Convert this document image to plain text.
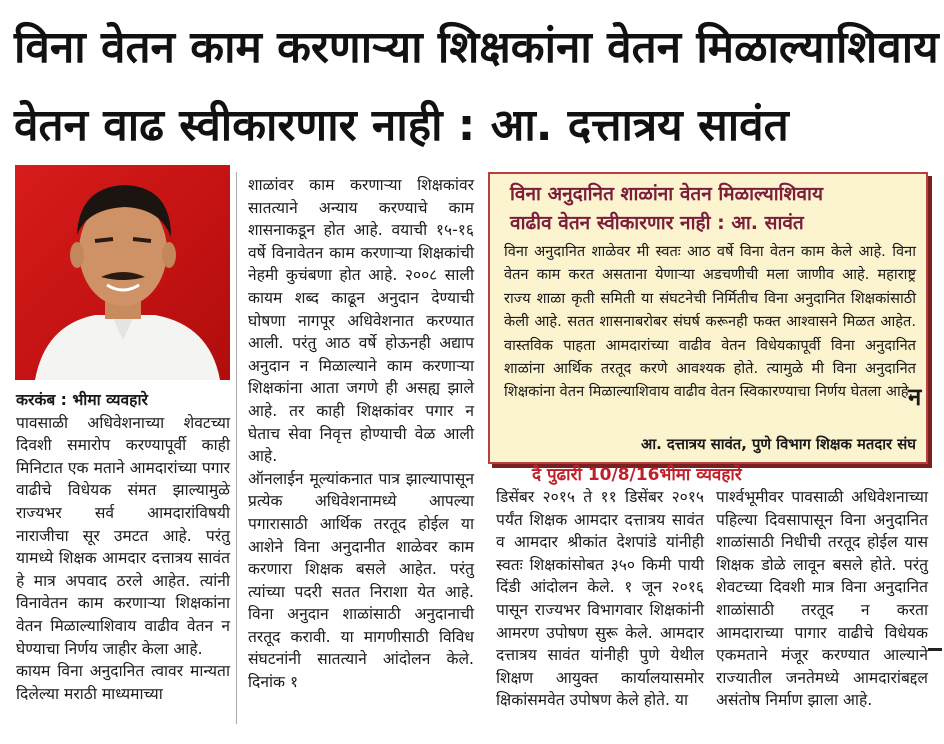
विना वेतन काम करणाऱ्या शिक्षकांना वेतन मिळाल्याशिवाय
वेतन वाढ स्वीकारणार नाही : आ. दत्तात्रय सावंत

करकंब : भीमा व्यवहारे
पावसाळी अधिवेशनाच्या शेवटच्या दिवशी समारोप करण्यापूर्वी काही मिनिटात एक मताने आमदारांच्या पगार वाढीचे विधेयक संमत झाल्यामुळे राज्यभर सर्व आमदारांविषयी नाराजीचा सूर उमटत आहे. परंतु यामध्ये शिक्षक आमदार दत्तात्रय सावंत हे मात्र अपवाद ठरले आहेत. त्यांनी विनावेतन काम करणाऱ्या शिक्षकांना वेतन मिळाल्याशिवाय वाढीव वेतन न घेण्याचा निर्णय जाहीर केला आहे.
कायम विना अनुदानित त्वावर मान्यता दिलेल्या मराठी माध्यमाच्या

शाळांवर काम करणाऱ्या शिक्षकांवर सातत्याने अन्याय करण्याचे काम शासनाकडून होत आहे. वयाची १५-१६ वर्षे विनावेतन काम करणाऱ्या शिक्षकांची नेहमी कुचंबणा होत आहे. २००८ साली कायम शब्द काढून अनुदान देण्याची घोषणा नागपूर अधिवेशनात करण्यात आली. परंतु आठ वर्षे होऊनही अद्याप अनुदान न मिळाल्याने काम करणाऱ्या शिक्षकांना आता जगणे ही असह्य झाले आहे. तर काही शिक्षकांवर पगार न घेताच सेवा निवृत्त होण्याची वेळ आली आहे.
ऑनलाईन मूल्यांकनात पात्र झाल्यापासून प्रत्येक अधिवेशनामध्ये आपल्या पगारासाठी आर्थिक तरतूद होईल या आशेने विना अनुदानीत शाळेवर काम करणारा शिक्षक बसले आहेत. परंतु त्यांच्या पदरी सतत निराशा येत आहे. विना अनुदान शाळांसाठी अनुदानाची तरतूद करावी. या मागणीसाठी विविध संघटनांनी सातत्याने आंदोलन केले. दिनांक १

विना अनुदानित शाळांना वेतन मिळाल्याशिवाय
वाढीव वेतन स्वीकारणार नाही : आ. सावंत
विना अनुदानित शाळेवर मी स्वतः आठ वर्षे विना वेतन काम केले आहे. विना वेतन काम करत असताना येणाऱ्या अडचणीची मला जाणीव आहे. महाराष्ट्र राज्य शाळा कृती समिती या संघटनेची निर्मितीच विना अनुदानित शिक्षकांसाठी केली आहे. सतत शासनाबरोबर संघर्ष करूनही फक्त आश्वासने मिळत आहेत. वास्तविक पाहता आमदारांच्या वाढीव वेतन विधेयकापूर्वी विना अनुदानित शाळांना आर्थिक तरतूद करणे आवश्यक होते. त्यामुळे मी विना अनुदानित शिक्षकांना वेतन मिळाल्याशिवाय वाढीव वेतन स्विकारण्याचा निर्णय घेतला आहे.
आ. दत्तात्रय सावंत, पुणे विभाग शिक्षक मतदार संघ
न
दै पुढारी 10/8/16भीमा व्यवहारे

डिसेंबर २०१५ ते ११ डिसेंबर २०१५ पर्यंत शिक्षक आमदार दत्तात्रय सावंत व आमदार श्रीकांत देशपांडे यांनीही स्वतः शिक्षकांसोबत ३५० किमी पायी दिंडी आंदोलन केले. १ जून २०१६ पासून राज्यभर विभागवार शिक्षकांनी आमरण उपोषण सुरू केले. आमदार दत्तात्रय सावंत यांनीही पुणे येथील शिक्षण आयुक्त कार्यालयासमोर क्षिकांसमवेत उपोषण केले होते. या

पार्श्वभूमीवर पावसाळी अधिवेशनाच्या पहिल्या दिवसापासून विना अनुदानित शाळांसाठी निधीची तरतूद होईल यास शिक्षक डोळे लावून बसले होते. परंतु शेवटच्या दिवशी मात्र विना अनुदानित शाळांसाठी तरतूद न करता आमदाराच्या पागार वाढीचे विधेयक एकमताने मंजूर करण्यात आल्याने राज्यातील जनतेमध्ये आमदारांबद्दल असंतोष निर्माण झाला आहे.
